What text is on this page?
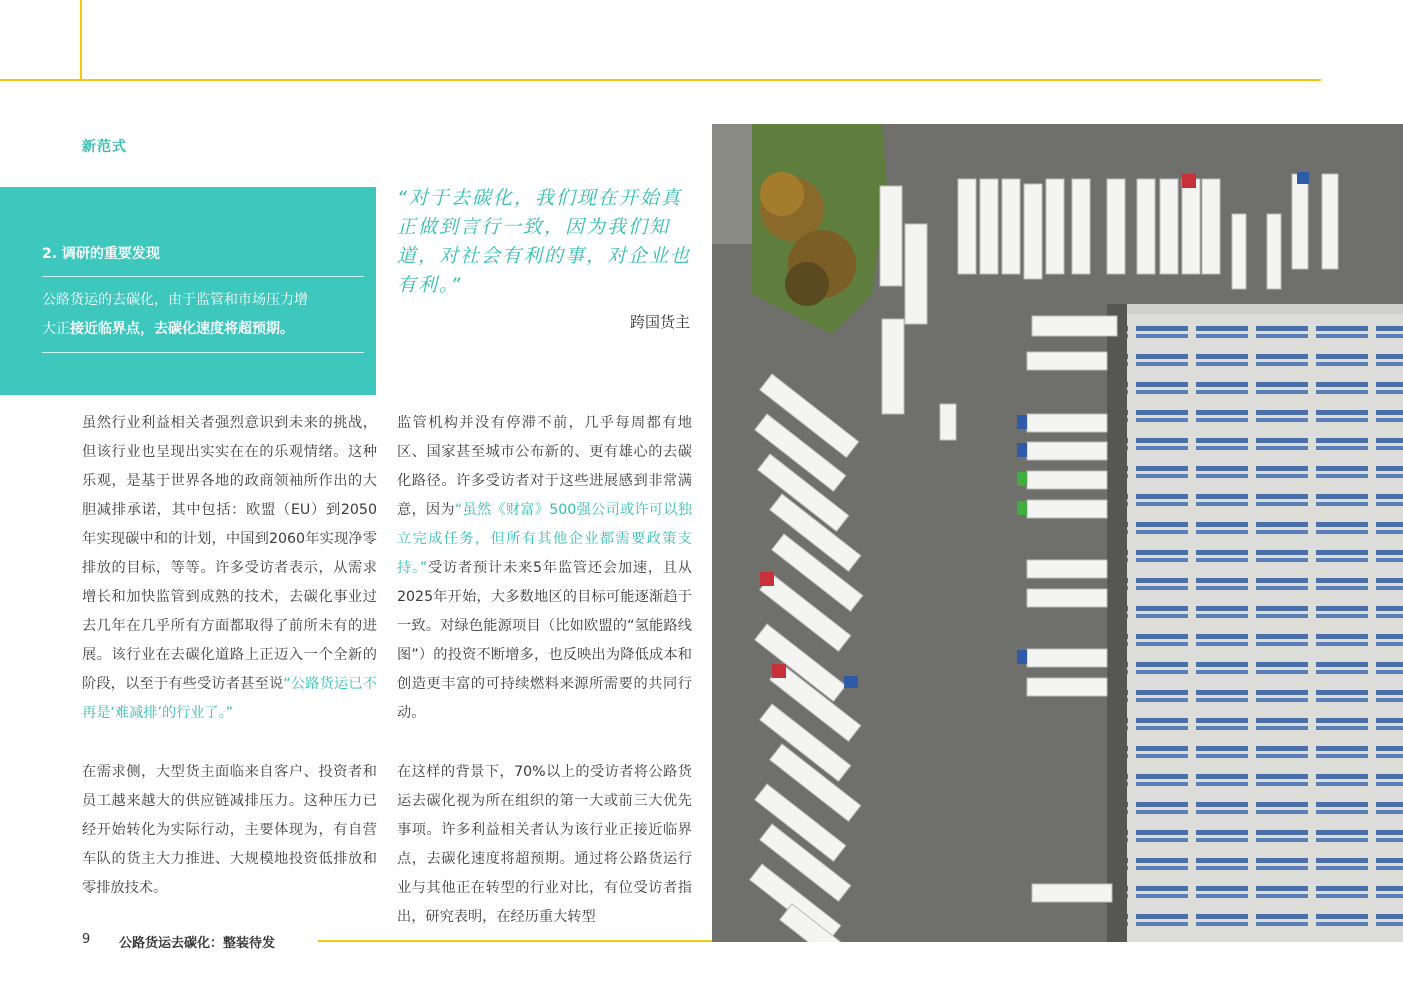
新范式
2. 调研的重要发现
公路货运的去碳化，由于监管和市场压力增
大正接近临界点，去碳化速度将超预期。
“对于去碳化，我们现在开始真正做到言行一致，因为我们知道，对社会有利的事，对企业也有利。”
跨国货主

虽然行业利益相关者强烈意识到未来的挑战，但该行业也呈现出实实在在的乐观情绪。这种乐观，是基于世界各地的政商领袖所作出的大胆减排承诺，其中包括：欧盟（EU）到2050年实现碳中和的计划，中国到2060年实现净零排放的目标，等等。许多受访者表示，从需求增长和加快监管到成熟的技术，去碳化事业过去几年在几乎所有方面都取得了前所未有的进展。该行业在去碳化道路上正迈入一个全新的阶段，以至于有些受访者甚至说“公路货运已不再是‘难减排’的行业了。”

在需求侧，大型货主面临来自客户、投资者和员工越来越大的供应链减排压力。这种压力已经开始转化为实际行动，主要体现为，有自营车队的货主大力推进、大规模地投资低排放和零排放技术。

监管机构并没有停滞不前，几乎每周都有地区、国家甚至城市公布新的、更有雄心的去碳化路径。许多受访者对于这些进展感到非常满意，因为“虽然《财富》500强公司或许可以独立完成任务，但所有其他企业都需要政策支持。”受访者预计未来5年监管还会加速，且从2025年开始，大多数地区的目标可能逐渐趋于一致。对绿色能源项目（比如欧盟的“氢能路线图”）的投资不断增多，也反映出为降低成本和创造更丰富的可持续燃料来源所需要的共同行动。

在这样的背景下，70%以上的受访者将公路货运去碳化视为所在组织的第一大或前三大优先事项。许多利益相关者认为该行业正接近临界点，去碳化速度将超预期。通过将公路货运行业与其他正在转型的行业对比，有位受访者指出，研究表明，在经历重大转型

9 公路货运去碳化：整装待发
